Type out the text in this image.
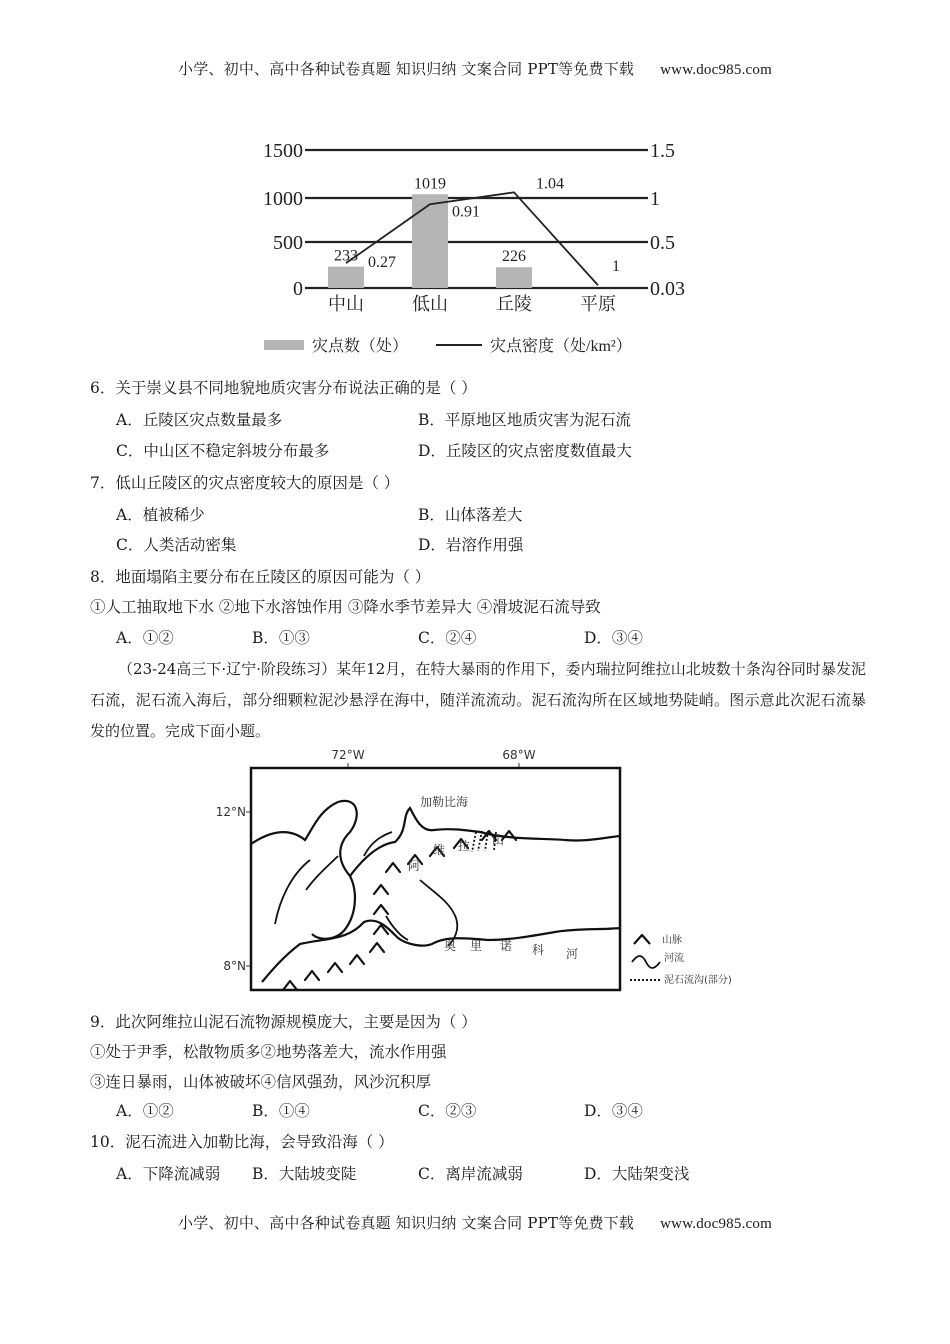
小学、初中、高中各种试卷真题 知识归纳 文案合同 PPT等免费下载 www.doc985.com
1500
1000
500
0
1.5
1
0.5
0.03
233
1019
226
0.27
0.91
1.04
1
中山	低山	丘陵	平原
灾点数（处）	灾点密度（处/km²）
6．关于崇义县不同地貌地质灾害分布说法正确的是（ ）
A．丘陵区灾点数量最多	B．平原地区地质灾害为泥石流
C．中山区不稳定斜坡分布最多	D．丘陵区的灾点密度数值最大
7．低山丘陵区的灾点密度较大的原因是（ ）
A．植被稀少	B．山体落差大
C．人类活动密集	D．岩溶作用强
8．地面塌陷主要分布在丘陵区的原因可能为（ ）
①人工抽取地下水 ②地下水溶蚀作用 ③降水季节差异大 ④滑坡泥石流导致
A．①②	B．①③	C．②④	D．③④
（23-24高三下·辽宁·阶段练习）某年12月，在特大暴雨的作用下，委内瑞拉阿维拉山北坡数十条沟谷同时暴发泥石流，泥石流入海后，部分细颗粒泥沙悬浮在海中，随洋流流动。泥石流沟所在区域地势陡峭。图示意此次泥石流暴发的位置。完成下面小题。
72°W	68°W
12°N
8°N
加勒比海
阿
维 拉 山
奥 里 诺 科 河
山脉
河流
泥石流沟(部分)
9．此次阿维拉山泥石流物源规模庞大，主要是因为（ ）
①处于尹季，松散物质多②地势落差大，流水作用强
③连日暴雨，山体被破坏④信风强劲，风沙沉积厚
A．①②	B．①④	C．②③	D．③④
10．泥石流进入加勒比海，会导致沿海（ ）
A．下降流减弱 B．大陆坡变陡	C．离岸流减弱	D．大陆架变浅
小学、初中、高中各种试卷真题 知识归纳 文案合同 PPT等免费下载 www.doc985.com
